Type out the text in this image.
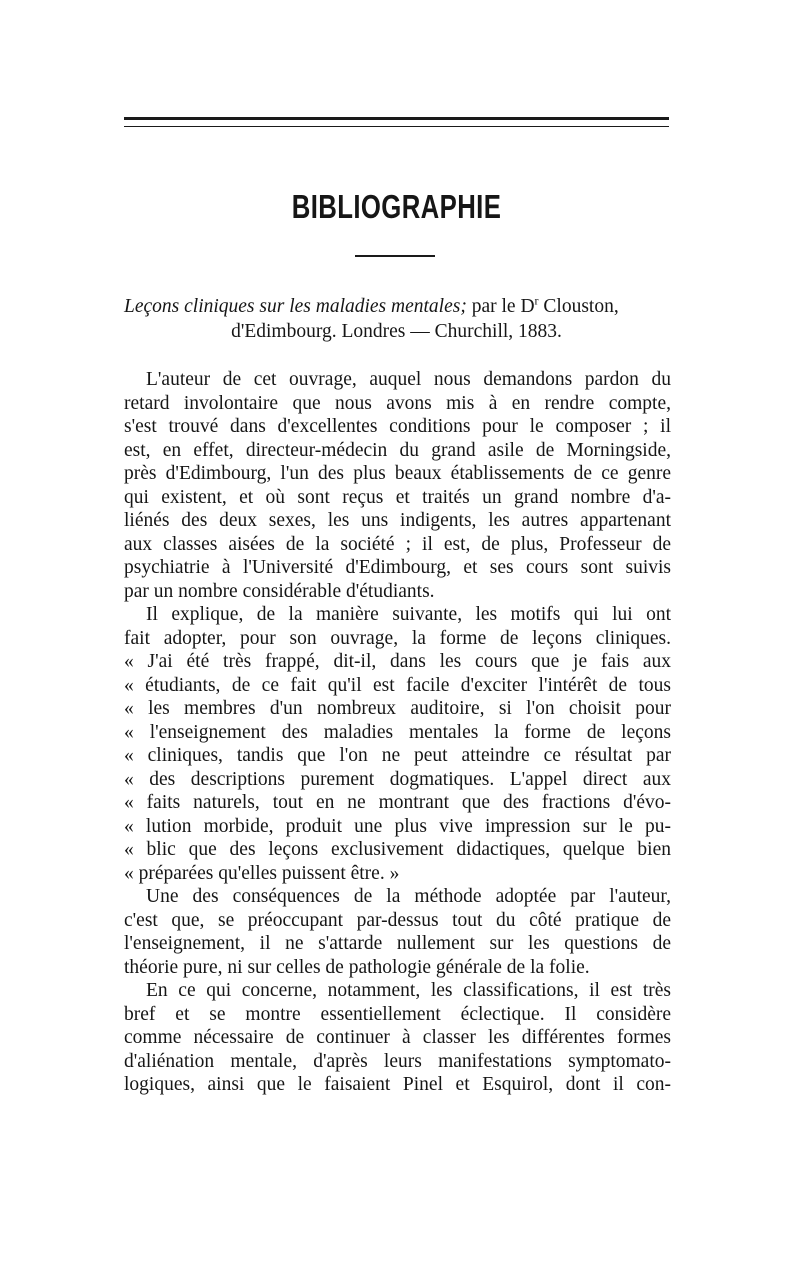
BIBLIOGRAPHIE

Leçons cliniques sur les maladies mentales; par le $D^r$ Clouston,
d'Edimbourg. Londres — Churchill, 1883.

L'auteur de cet ouvrage, auquel nous demandons pardon du
retard involontaire que nous avons mis à en rendre compte,
s'est trouvé dans d'excellentes conditions pour le composer ; il
est, en effet, directeur-médecin du grand asile de Morningside,
près d'Edimbourg, l'un des plus beaux établissements de ce genre
qui existent, et où sont reçus et traités un grand nombre d'a-
liénés des deux sexes, les uns indigents, les autres appartenant
aux classes aisées de la société ; il est, de plus, Professeur de
psychiatrie à l'Université d'Edimbourg, et ses cours sont suivis
par un nombre considérable d'étudiants.

Il explique, de la manière suivante, les motifs qui lui ont
fait adopter, pour son ouvrage, la forme de leçons cliniques.
« J'ai été très frappé, dit-il, dans les cours que je fais aux
« étudiants, de ce fait qu'il est facile d'exciter l'intérêt de tous
« les membres d'un nombreux auditoire, si l'on choisit pour
« l'enseignement des maladies mentales la forme de leçons
« cliniques, tandis que l'on ne peut atteindre ce résultat par
« des descriptions purement dogmatiques. L'appel direct aux
« faits naturels, tout en ne montrant que des fractions d'évo-
« lution morbide, produit une plus vive impression sur le pu-
« blic que des leçons exclusivement didactiques, quelque bien
« préparées qu'elles puissent être. »

Une des conséquences de la méthode adoptée par l'auteur,
c'est que, se préoccupant par-dessus tout du côté pratique de
l'enseignement, il ne s'attarde nullement sur les questions de
théorie pure, ni sur celles de pathologie générale de la folie.

En ce qui concerne, notamment, les classifications, il est très
bref et se montre essentiellement éclectique. Il considère
comme nécessaire de continuer à classer les différentes formes
d'aliénation mentale, d'après leurs manifestations symptomato-
logiques, ainsi que le faisaient Pinel et Esquirol, dont il con-
